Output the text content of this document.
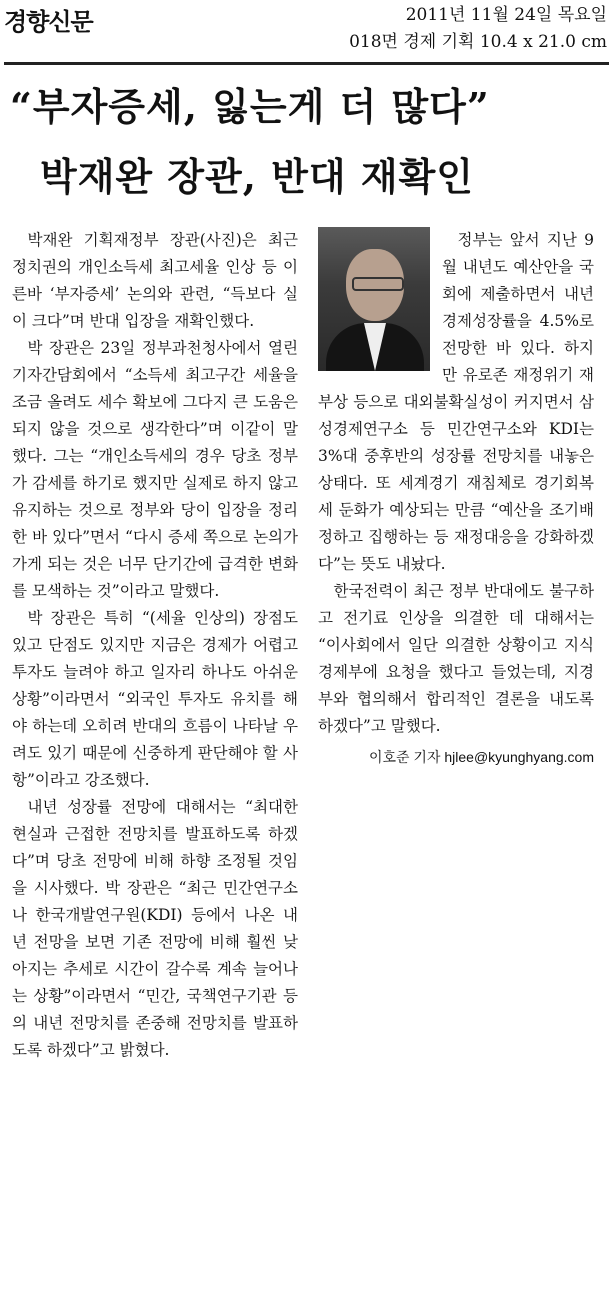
경향신문	2011년 11월 24일 목요일
018면 경제 기획 10.4 x 21.0 cm
“부자증세, 잃는게 더 많다”
박재완 장관, 반대 재확인

박재완 기획재정부 장관(사진)은 최근 정치권의 개인소득세 최고세율 인상 등 이른바 ‘부자증세’ 논의와 관련, “득보다 실이 크다”며 반대 입장을 재확인했다.

박 장관은 23일 정부과천청사에서 열린 기자간담회에서 “소득세 최고구간 세율을 조금 올려도 세수 확보에 그다지 큰 도움은 되지 않을 것으로 생각한다”며 이같이 말했다. 그는 “개인소득세의 경우 당초 정부가 감세를 하기로 했지만 실제로 하지 않고 유지하는 것으로 정부와 당이 입장을 정리한 바 있다”면서 “다시 증세 쪽으로 논의가 가게 되는 것은 너무 단기간에 급격한 변화를 모색하는 것”이라고 말했다.

박 장관은 특히 “(세율 인상의) 장점도 있고 단점도 있지만 지금은 경제가 어렵고 투자도 늘려야 하고 일자리 하나도 아쉬운 상황”이라면서 “외국인 투자도 유치를 해야 하는데 오히려 반대의 흐름이 나타날 우려도 있기 때문에 신중하게 판단해야 할 사항”이라고 강조했다.

내년 성장률 전망에 대해서는 “최대한 현실과 근접한 전망치를 발표하도록 하겠다”며 당초 전망에 비해 하향 조정될 것임을 시사했다. 박 장관은 “최근 민간연구소나 한국개발연구원(KDI) 등에서 나온 내년 전망을 보면 기존 전망에 비해 훨씬 낮아지는 추세로 시간이 갈수록 계속 늘어나는 상황”이라면서 “민간, 국책연구기관 등의 내년 전망치를 존중해 전망치를 발표하도록 하겠다”고 밝혔다.

정부는 앞서 지난 9월 내년도 예산안을 국회에 제출하면서 내년 경제성장률을 4.5%로 전망한 바 있다. 하지만 유로존 재정위기 재부상 등으로 대외불확실성이 커지면서 삼성경제연구소 등 민간연구소와 KDI는 3%대 중후반의 성장률 전망치를 내놓은 상태다. 또 세계경기 재침체로 경기회복세 둔화가 예상되는 만큼 “예산을 조기배정하고 집행하는 등 재정대응을 강화하겠다”는 뜻도 내놨다.

한국전력이 최근 정부 반대에도 불구하고 전기료 인상을 의결한 데 대해서는 “이사회에서 일단 의결한 상황이고 지식경제부에 요청을 했다고 들었는데, 지경부와 협의해서 합리적인 결론을 내도록 하겠다”고 말했다.

이호준 기자 hjlee@kyunghyang.com
